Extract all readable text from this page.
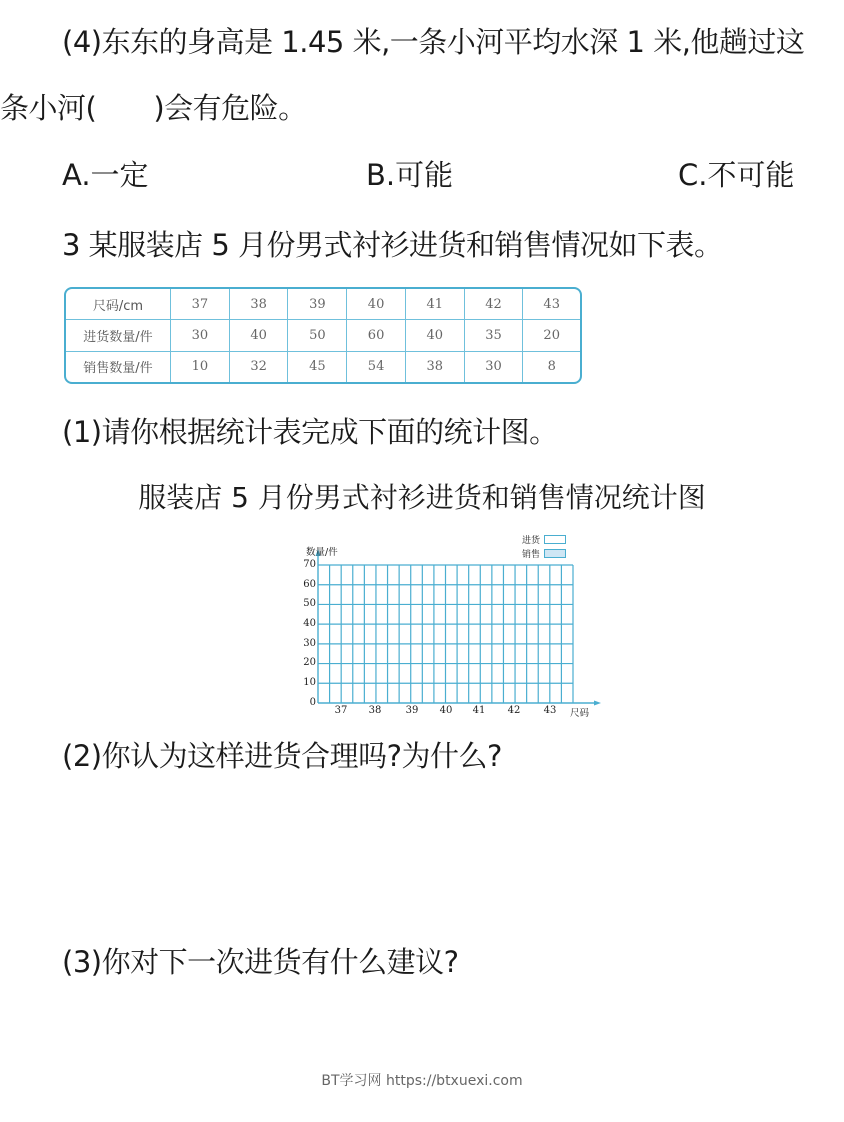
(4)东东的身高是 1.45 米,一条小河平均水深 1 米,他趟过这
条小河(　　)会有危险。
A.一定	B.可能	C.不可能
3 某服装店 5 月份男式衬衫进货和销售情况如下表。
尺码/cm	37	38	39	40	41	42	43
进货数量/件	30	40	50	60	40	35	20
销售数量/件	10	32	45	54	38	30	8
(1)请你根据统计表完成下面的统计图。
服装店 5 月份男式衬衫进货和销售情况统计图
数量/件
70
60
50
40
30
20
10
0
37	38	39	40	41	42	43	尺码
进货
销售
(2)你认为这样进货合理吗?为什么?
(3)你对下一次进货有什么建议?
BT学习网 https://btxuexi.com
